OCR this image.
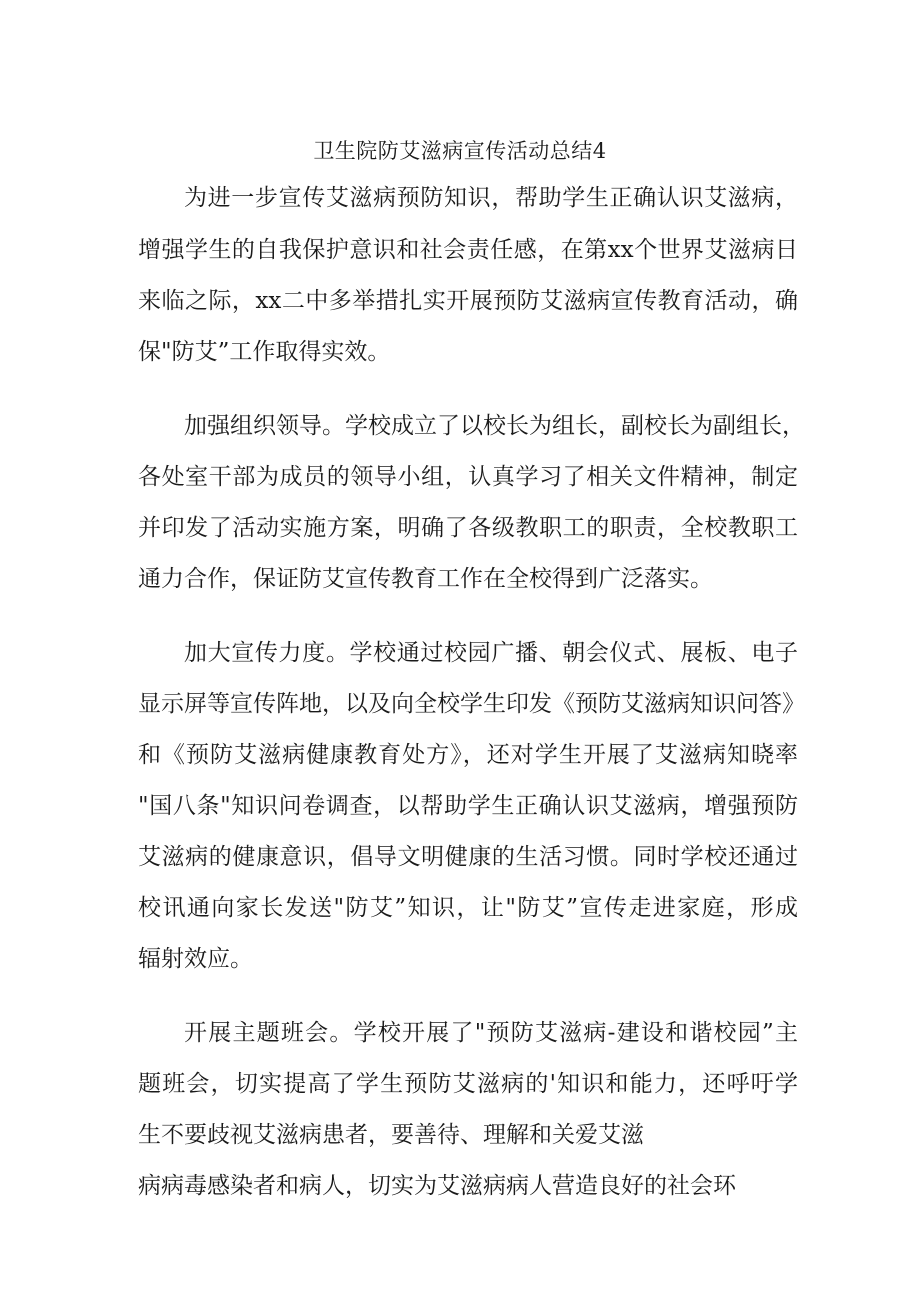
卫生院防艾滋病宣传活动总结4
为进一步宣传艾滋病预防知识，帮助学生正确认识艾滋病，
增强学生的自我保护意识和社会责任感，在第xx个世界艾滋病日
来临之际，xx二中多举措扎实开展预防艾滋病宣传教育活动，确
保"防艾”工作取得实效。
加强组织领导。学校成立了以校长为组长，副校长为副组长，
各处室干部为成员的领导小组，认真学习了相关文件精神，制定
并印发了活动实施方案，明确了各级教职工的职责，全校教职工
通力合作，保证防艾宣传教育工作在全校得到广泛落实。
加大宣传力度。学校通过校园广播、朝会仪式、展板、电子
显示屏等宣传阵地，以及向全校学生印发《预防艾滋病知识问答》
和《预防艾滋病健康教育处方》，还对学生开展了艾滋病知晓率
"国八条"知识问卷调查，以帮助学生正确认识艾滋病，增强预防
艾滋病的健康意识，倡导文明健康的生活习惯。同时学校还通过
校讯通向家长发送"防艾”知识，让"防艾”宣传走进家庭，形成
辐射效应。
开展主题班会。学校开展了"预防艾滋病-建设和谐校园”主
题班会，切实提高了学生预防艾滋病的'知识和能力，还呼吁学
生不要歧视艾滋病患者，要善待、理解和关爱艾滋
病病毒感染者和病人，切实为艾滋病病人营造良好的社会环
